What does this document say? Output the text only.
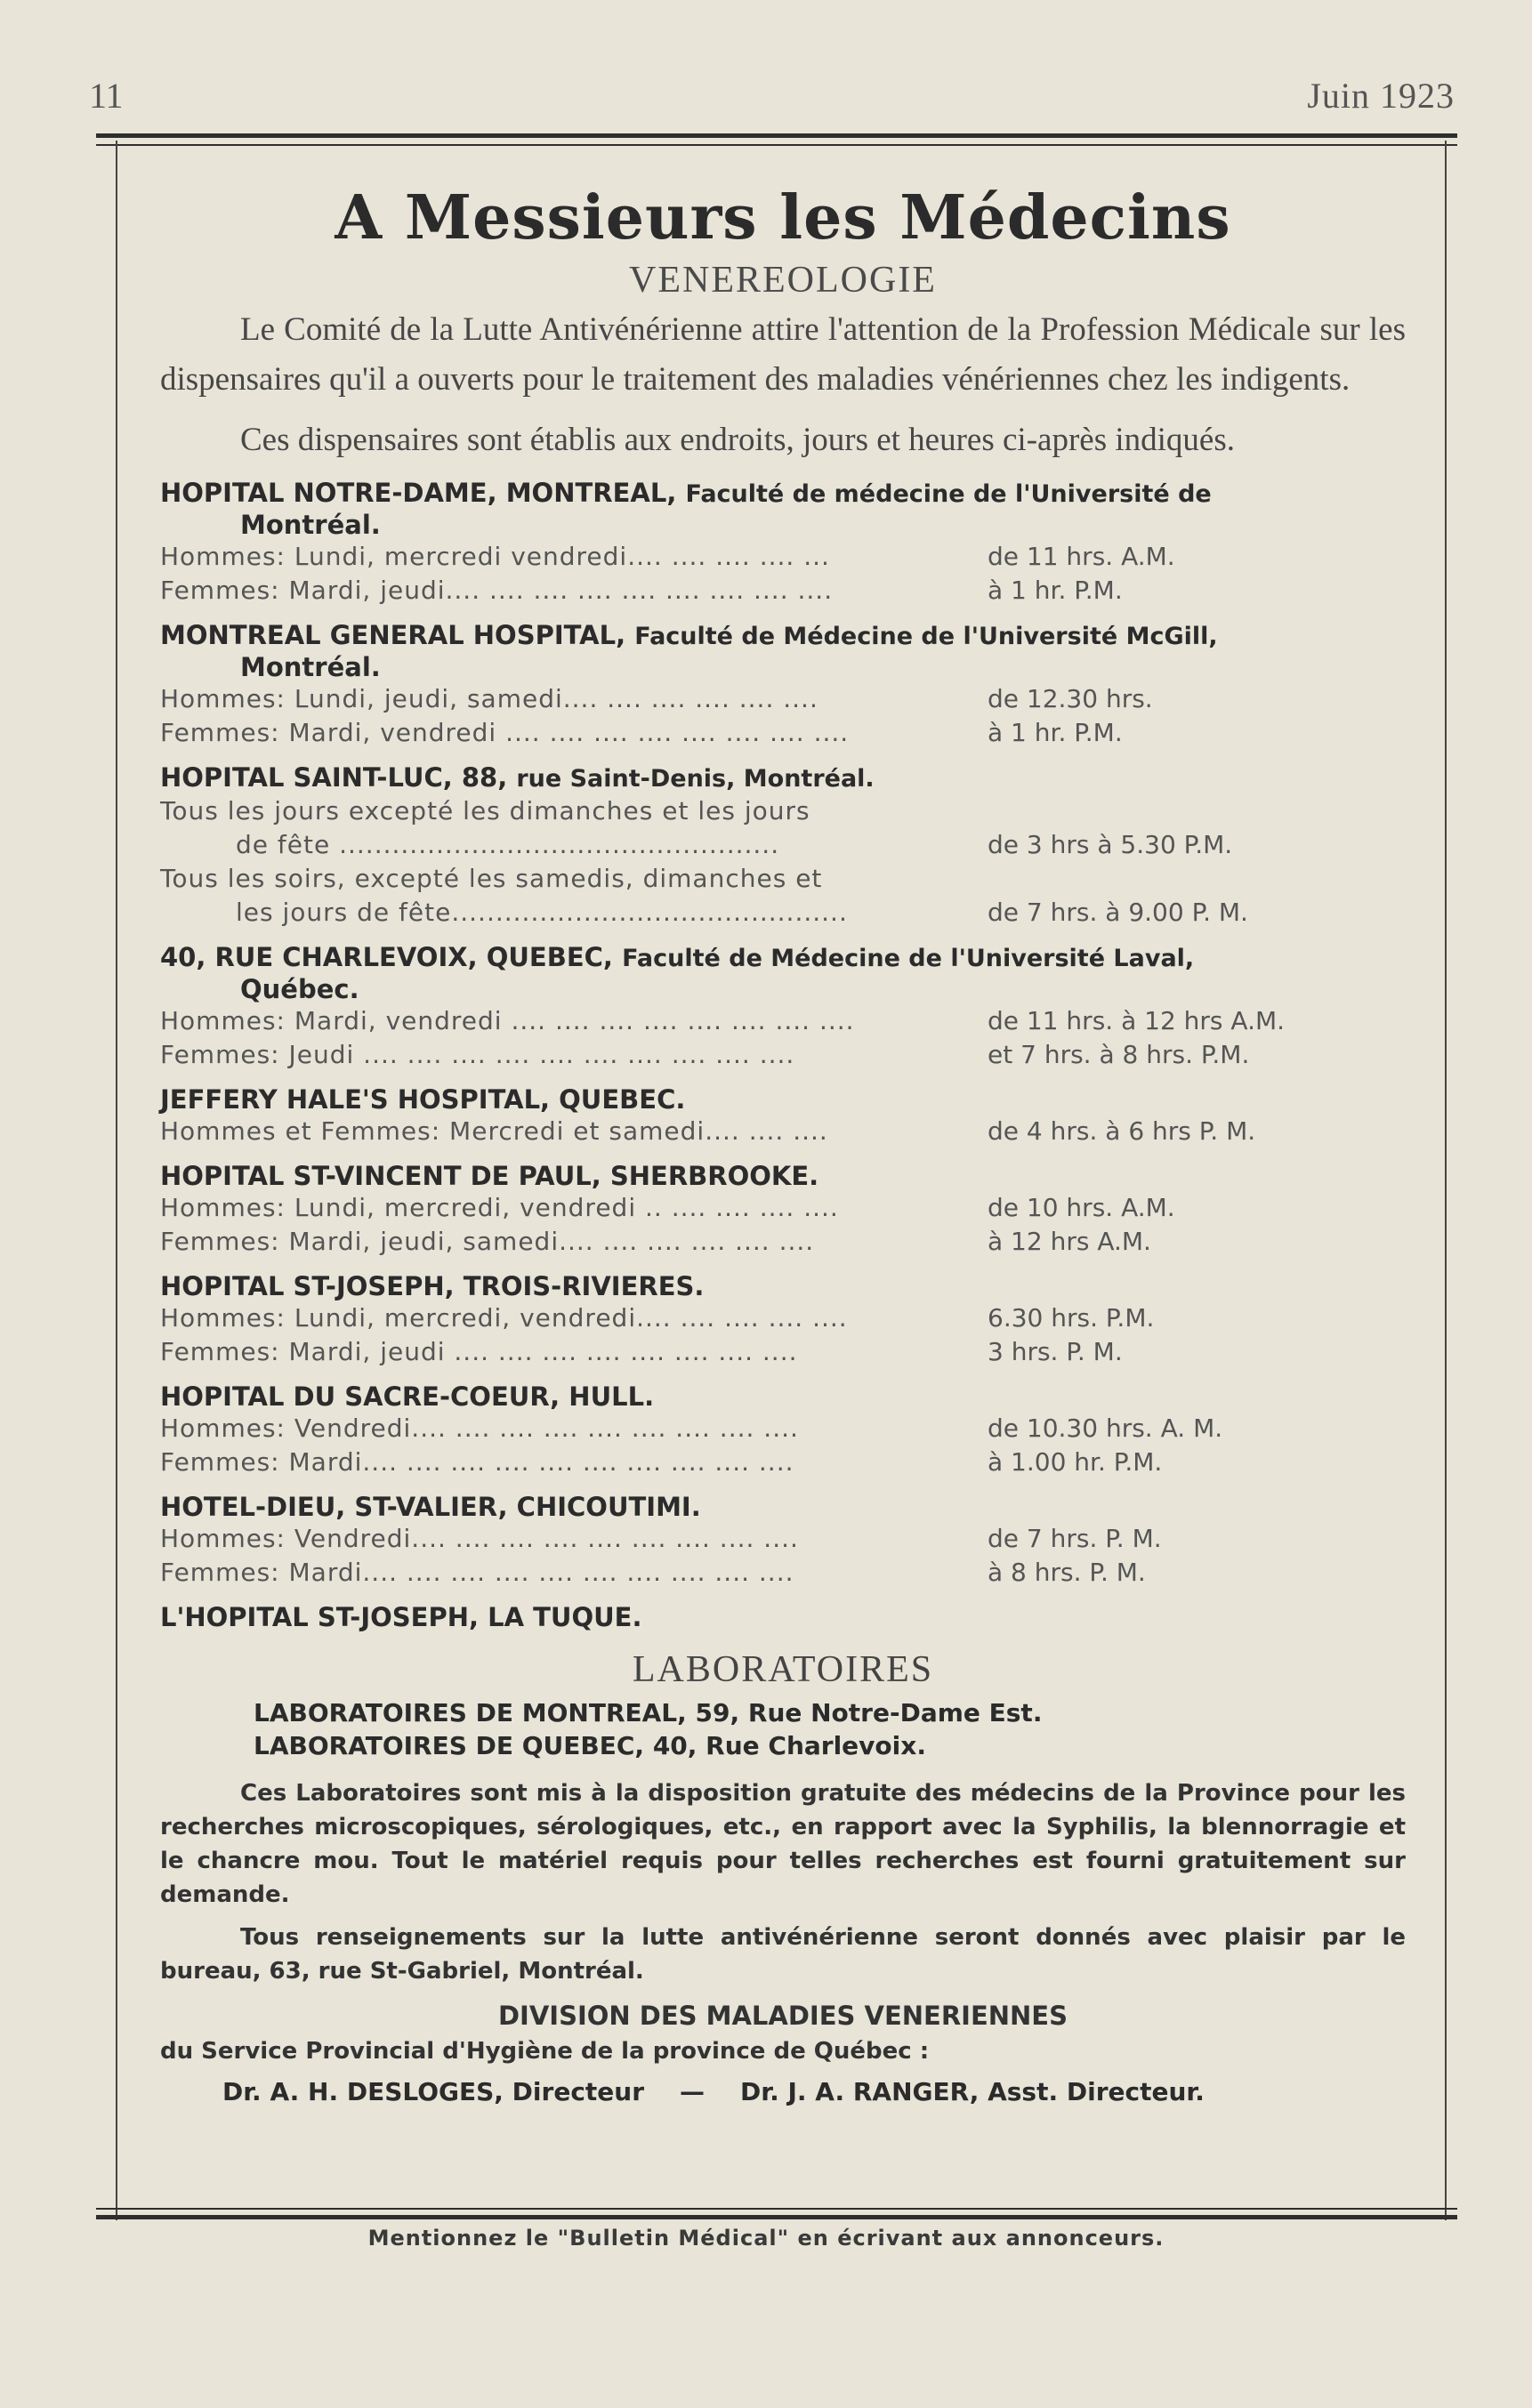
11	Juin 1923
A Messieurs les Médecins
VENEREOLOGIE

Le Comité de la Lutte Antivénérienne attire l'attention de la Profession Médicale sur les dispensaires qu'il a ouverts pour le traitement des maladies vénériennes chez les indigents.

Ces dispensaires sont établis aux endroits, jours et heures ci-après indiqués.

HOPITAL NOTRE-DAME, MONTREAL, Faculté de médecine de l'Université de
Montréal.
Hommes: Lundi, mercredi vendredi.... .... .... .... ...	de 11 hrs. A.M.
Femmes: Mardi, jeudi.... .... .... .... .... .... .... .... ....	à 1 hr. P.M.
MONTREAL GENERAL HOSPITAL, Faculté de Médecine de l'Université McGill,
Montréal.
Hommes: Lundi, jeudi, samedi.... .... .... .... .... ....	de 12.30 hrs.
Femmes: Mardi, vendredi .... .... .... .... .... .... .... ....	à 1 hr. P.M.
HOPITAL SAINT-LUC, 88, rue Saint-Denis, Montréal.
Tous les jours excepté les dimanches et les jours
de fête ..................................................	de 3 hrs à 5.30 P.M.
Tous les soirs, excepté les samedis, dimanches et
les jours de fête.............................................	de 7 hrs. à 9.00 P. M.
40, RUE CHARLEVOIX, QUEBEC, Faculté de Médecine de l'Université Laval,
Québec.
Hommes: Mardi, vendredi .... .... .... .... .... .... .... ....	de 11 hrs. à 12 hrs A.M.
Femmes: Jeudi .... .... .... .... .... .... .... .... .... ....	et 7 hrs. à 8 hrs. P.M.
JEFFERY HALE'S HOSPITAL, QUEBEC.
Hommes et Femmes: Mercredi et samedi.... .... ....	de 4 hrs. à 6 hrs P. M.
HOPITAL ST-VINCENT DE PAUL, SHERBROOKE.
Hommes: Lundi, mercredi, vendredi .. .... .... .... ....	de 10 hrs. A.M.
Femmes: Mardi, jeudi, samedi.... .... .... .... .... ....	à 12 hrs A.M.
HOPITAL ST-JOSEPH, TROIS-RIVIERES.
Hommes: Lundi, mercredi, vendredi.... .... .... .... ....	6.30 hrs. P.M.
Femmes: Mardi, jeudi .... .... .... .... .... .... .... ....	3 hrs. P. M.
HOPITAL DU SACRE-COEUR, HULL.
Hommes: Vendredi.... .... .... .... .... .... .... .... ....	de 10.30 hrs. A. M.
Femmes: Mardi.... .... .... .... .... .... .... .... .... ....	à 1.00 hr. P.M.
HOTEL-DIEU, ST-VALIER, CHICOUTIMI.
Hommes: Vendredi.... .... .... .... .... .... .... .... ....	de 7 hrs. P. M.
Femmes: Mardi.... .... .... .... .... .... .... .... .... ....	à 8 hrs. P. M.
L'HOPITAL ST-JOSEPH, LA TUQUE.
LABORATOIRES
LABORATOIRES DE MONTREAL, 59, Rue Notre-Dame Est.
LABORATOIRES DE QUEBEC, 40, Rue Charlevoix.

Ces Laboratoires sont mis à la disposition gratuite des médecins de la Province pour les recherches microscopiques, sérologiques, etc., en rapport avec la Syphilis, la blennorragie et le chancre mou. Tout le matériel requis pour telles recherches est fourni gratuitement sur demande.

Tous renseignements sur la lutte antivénérienne seront donnés avec plaisir par le bureau, 63, rue St-Gabriel, Montréal.

DIVISION DES MALADIES VENERIENNES
du Service Provincial d'Hygiène de la province de Québec :
Dr. A. H. DESLOGES, Directeur — Dr. J. A. RANGER, Asst. Directeur.
Mentionnez le "Bulletin Médical" en écrivant aux annonceurs.
